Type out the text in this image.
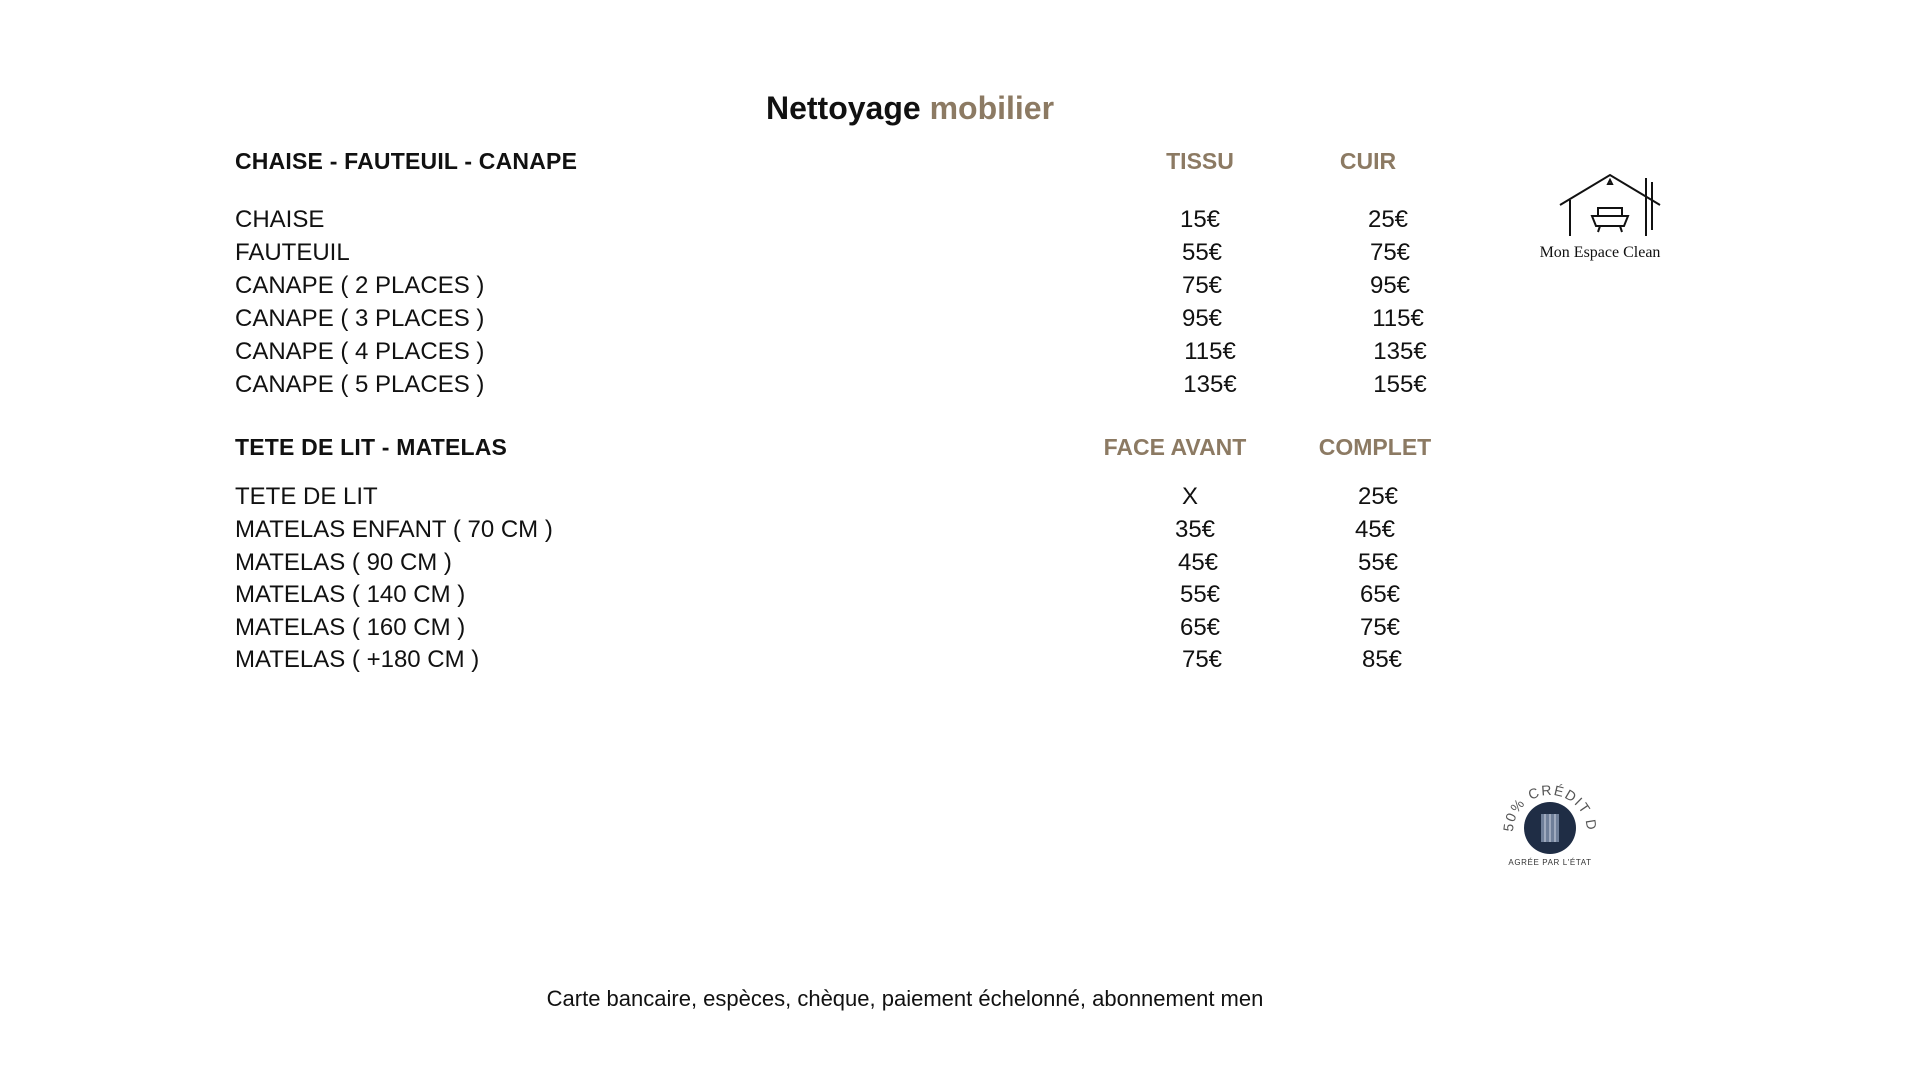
Nettoyage mobilier
CHAISE - FAUTEUIL - CANAPE	TISSU	CUIR
CHAISE	15€	25€
FAUTEUIL	55€	75€
CANAPE ( 2 PLACES )	75€	95€
CANAPE ( 3 PLACES )	95€	115€
CANAPE ( 4 PLACES )	115€	135€
CANAPE ( 5 PLACES )	135€	155€
TETE DE LIT - MATELAS	FACE AVANT	COMPLET
TETE DE LIT	X	25€
MATELAS ENFANT ( 70 CM )	35€	45€
MATELAS ( 90 CM )	45€	55€
MATELAS ( 140 CM )	55€	65€
MATELAS ( 160 CM )	65€	75€
MATELAS ( +180 CM )	75€	85€
Mon Espace Clean
50% CRÉDIT D
AGRÉE PAR L'ÉTAT
Carte bancaire, espèces, chèque, paiement échelonné, abonnement men
